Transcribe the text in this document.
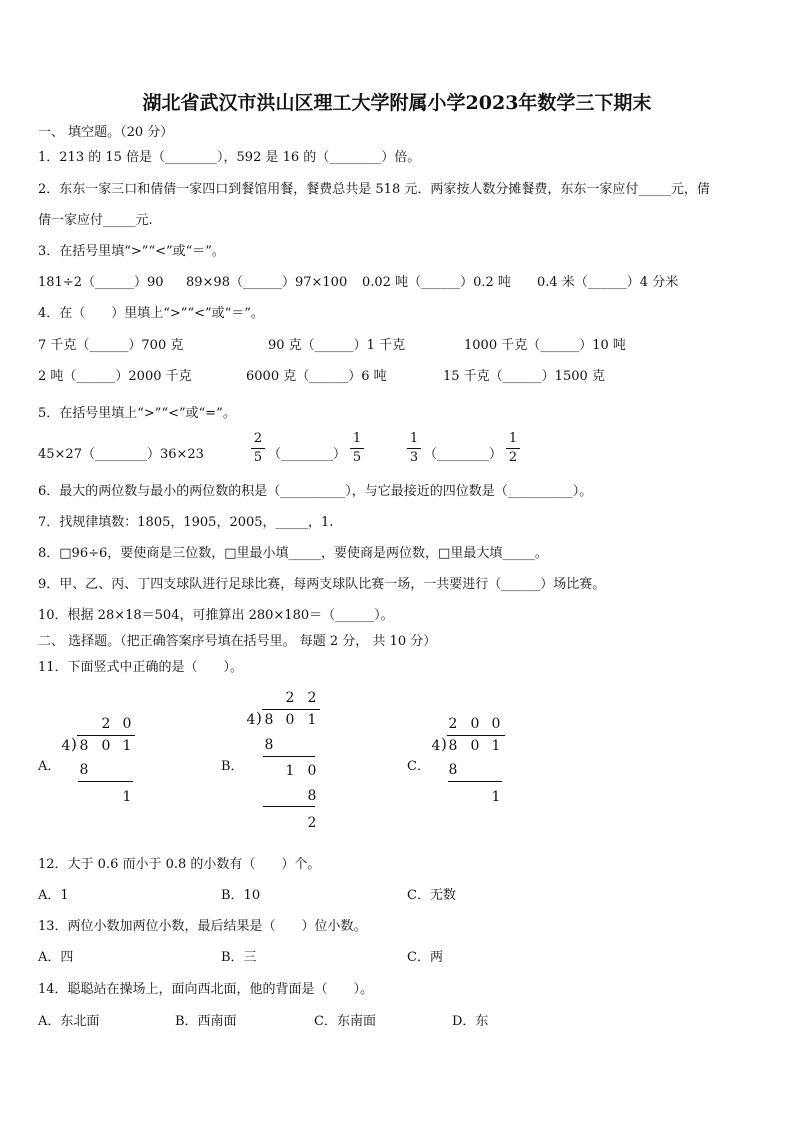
湖北省武汉市洪山区理工大学附属小学2023年数学三下期末
一、 填空题。（20 分）
1．213 的 15 倍是（________），592 是 16 的（________）倍。
2．东东一家三口和倩倩一家四口到餐馆用餐，餐费总共是 518 元．两家按人数分摊餐费，东东一家应付_____元，倩
倩一家应付_____元.
3．在括号里填“>”“<”或“＝”。
181÷2（______）90 89×98（______）97×100 0.02 吨（______）0.2 吨 0.4 米（______）4 分米
4．在（　　）里填上“>”“<”或“＝”。
7 千克（______）700 克	90 克（______）1 千克	1000 千克（______）10 吨
2 吨（______）2000 千克	6000 克（______）6 吨	15 千克（______）1500 克
5．在括号里填上“>”“<”或“=”。
45×27（________）36×23
2
5 （________）
1
5
1
3 （________）
1
2
6．最大的两位数与最小的两位数的积是（__________），与它最接近的四位数是（__________）。
7．找规律填数：1805，1905，2005，_____，1.
8．□96÷6，要使商是三位数，□里最小填_____，要使商是两位数，□里最大填_____。
9．甲、乙、丙、丁四支球队进行足球比赛，每两支球队比赛一场，一共要进行（______）场比赛。
10．根据 28×18＝504，可推算出 280×180＝（______）。
二、 选择题。（把正确答案序号填在括号里。 每题 2 分， 共 10 分）
11．下面竖式中正确的是（　　）。
A．
2 0
4 ) 8 0 1
8
1
B．
2 2
4 ) 8 0 1
8
1 0
8
2
C．
2 0 0
4 ) 8 0 1
8
1
12．大于 0.6 而小于 0.8 的小数有（　　）个。
A．1	B．10	C．无数
13．两位小数加两位小数，最后结果是（　　）位小数。
A．四	B．三	C．两
14．聪聪站在操场上，面向西北面，他的背面是（　　）。
A．东北面	B．西南面	C．东南面	D．东
